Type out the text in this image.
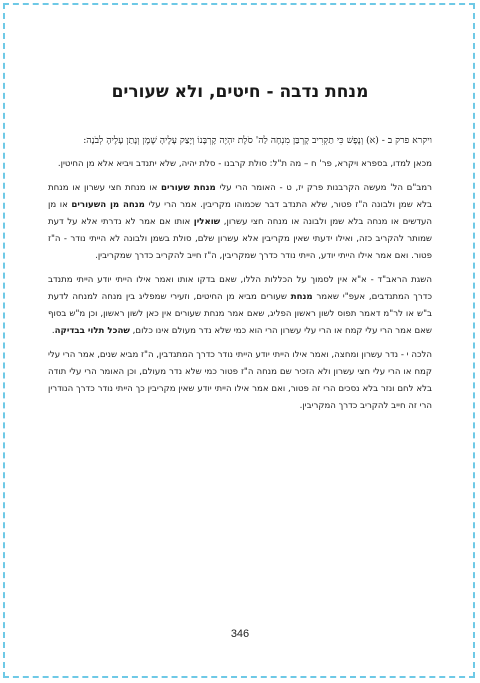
מנחת נדבה - חיטים, ולא שעורים

ויקרא פרק ב - (א) וְנֶפֶשׁ כִּי תַקְרִיב קָרְבַּן מִנְחָה לַה' סֹלֶת יִהְיֶה קָרְבָּנוֹ וְיָצַק עָלֶיהָ שֶׁמֶן וְנָתַן עָלֶיהָ לְבֹנָה:

מכאן למדו, בספרא ויקרא, פר' ח – מה ת"ל: סולת קרבנו - סלת יהיה, שלא יתנדב ויביא אלא מן החיטין.

רמב"ם הל' מעשה הקרבנות פרק יז, ט - האומר הרי עלי מנחת שעורים או מנחת חצי עשרון או מנחת בלא שמן ולבונה ה"ז פטור, שלא התנדב דבר שכמוהו מקריבין. אמר הרי עלי מנחה מן השעורים או מן העדשים או מנחה בלא שמן ולבונה או מנחה חצי עשרון, שואלין אותו אם אמר לא נדרתי אלא על דעת שמותר להקריב כזה, ואילו ידעתי שאין מקריבין אלא עשרון שלם, סולת בשמן ולבונה לא הייתי נודר - ה"ז פטור. ואם אמר אילו הייתי יודע, הייתי נודר כדרך שמקריבין, ה"ז חייב להקריב כדרך שמקריבין.

השגת הראב"ד - א"א אין לסמוך על הכללות הללו, שאם בדקו אותו ואמר אילו הייתי יודע הייתי מתנדב כדרך המתנדבים, אעפ"י שאמר מנחת שעורים מביא מן החיטים, וזעירי שמפליג בין מנחה למנחה לדעת ב"ש או לר"מ דאמר תפוס לשון ראשון הפליג, שאם אמר מנחת שעורים אין כאן לשון ראשון, וכן מ"ש בסוף שאם אמר הרי עלי קמח או הרי עלי עשרון הרי הוא כמי שלא נדר מעולם אינו כלום, שהכל תלוי בבדיקה.

הלכה י - נדר עשרון ומחצה, ואמר אילו הייתי יודע הייתי נודר כדרך המתנדבין, ה"ז מביא שנים, אמר הרי עלי קמח או הרי עלי חצי עשרון ולא הזכיר שם מנחה ה"ז פטור כמי שלא נדר מעולם, וכן האומר הרי עלי תודה בלא לחם ונזר בלא נסכים הרי זה פטור, ואם אמר אילו הייתי יודע שאין מקריבין כך הייתי נודר כדרך הנודרין הרי זה חייב להקריב כדרך המקריבין.

346
